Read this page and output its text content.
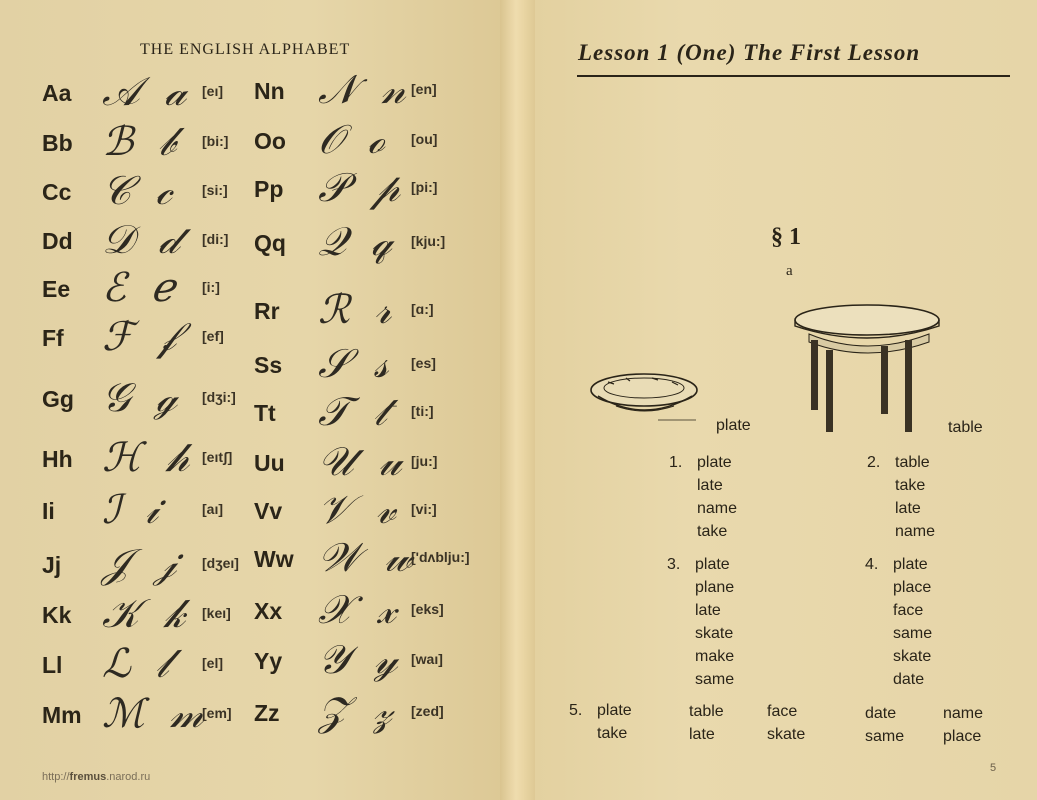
THE ENGLISH ALPHABET
Aa 𝒜 𝒶 [eı]
Bb ℬ 𝒷 [bi:]
Cc 𝒞 𝒸 [si:]
Dd 𝒟 𝒹 [di:]
Ee ℰ ℯ [i:]
Ff ℱ 𝒻 [ef]
Gg 𝒢 ℊ [dʒi:]
Hh ℋ 𝒽 [eıtʃ]
Ii ℐ 𝒾	[aı]
Jj 𝒥 𝒿 [dʒeı]
Kk 𝒦 𝓀 [keı]
Ll ℒ 𝓁 [el]
Mm ℳ 𝓂
[em]
Nn 𝒩 𝓃 [en]
Oo 𝒪 ℴ [ou]
Pp 𝒫 𝓅 [pi:]
Qq 𝒬 𝓆 [kju:]
Rr ℛ 𝓇 [ɑ:]
Ss 𝒮 𝓈 [es]
Tt 𝒯 𝓉 [ti:]
Uu 𝒰 𝓊 [ju:]
Vv 𝒱 𝓋 [vi:]
Ww 𝒲 𝓌
['dʌblju:]
Xx 𝒳 𝓍 [eks]
Yy 𝒴 𝓎 [waı]
Zz 𝒵 𝓏 [zed]
http://fremus.narod.ru
Lesson 1 (One) The First Lesson
§ 1
a
plate	table
1. plate
late
name
take
2. table
take
late
name
3. plate
plane
late
skate
make
same
4. plate
place
face
same
skate
date
5. plate
take
table
late
face
skate
date
same
name
place
5
